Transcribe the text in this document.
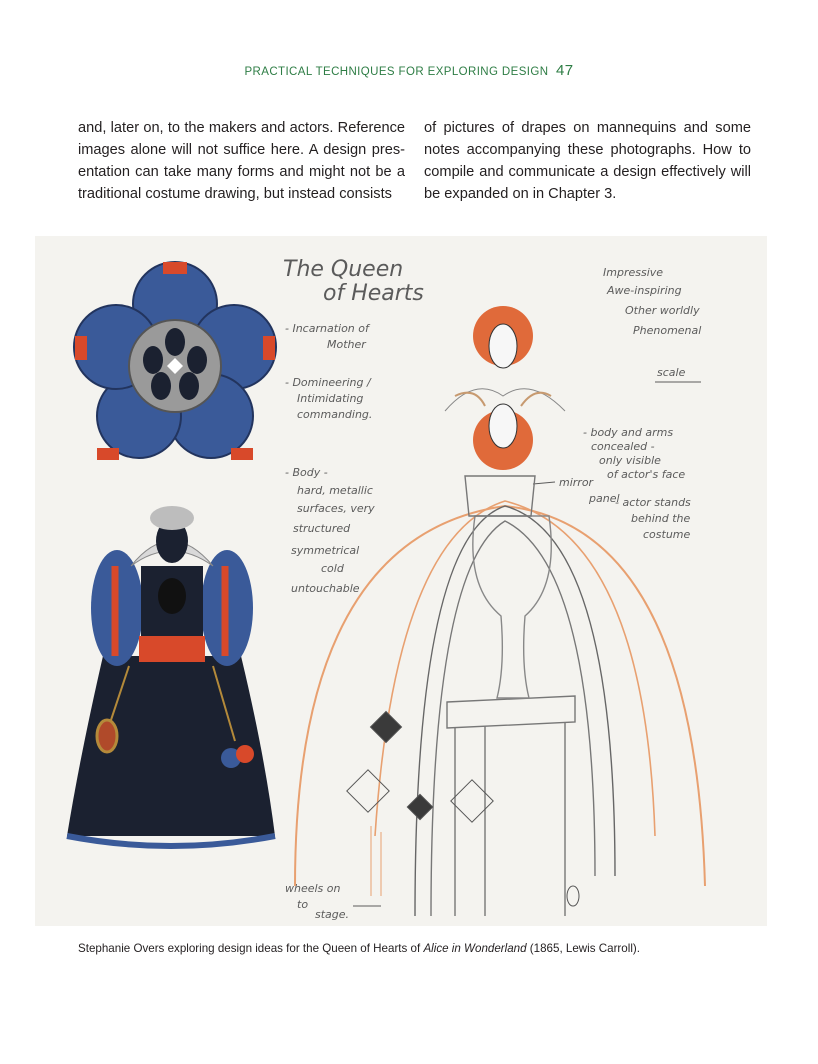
PRACTICAL TECHNIQUES FOR EXPLORING DESIGN 47
and, later on, to the makers and actors. Reference images alone will not suffice here. A design pres-entation can take many forms and might not be a traditional costume drawing, but instead consists
of pictures of drapes on mannequins and some notes accompanying these photographs. How to compile and communicate a design effectively will be expanded on in Chapter 3.
The Queen
of Hearts
- Incarnation of
Mother
- Domineering /
Intimidating
commanding.
- Body -
hard, metallic
surfaces, very
structured
symmetrical
cold
untouchable
Impressive
Awe-inspiring
Other worldly
Phenomenal
scale
- body and arms
concealed -
only visible
of actor's face
mirror
panel
- actor stands
behind the
costume
wheels on
to
stage.
Stephanie Overs exploring design ideas for the Queen of Hearts of Alice in Wonderland (1865, Lewis Carroll).
